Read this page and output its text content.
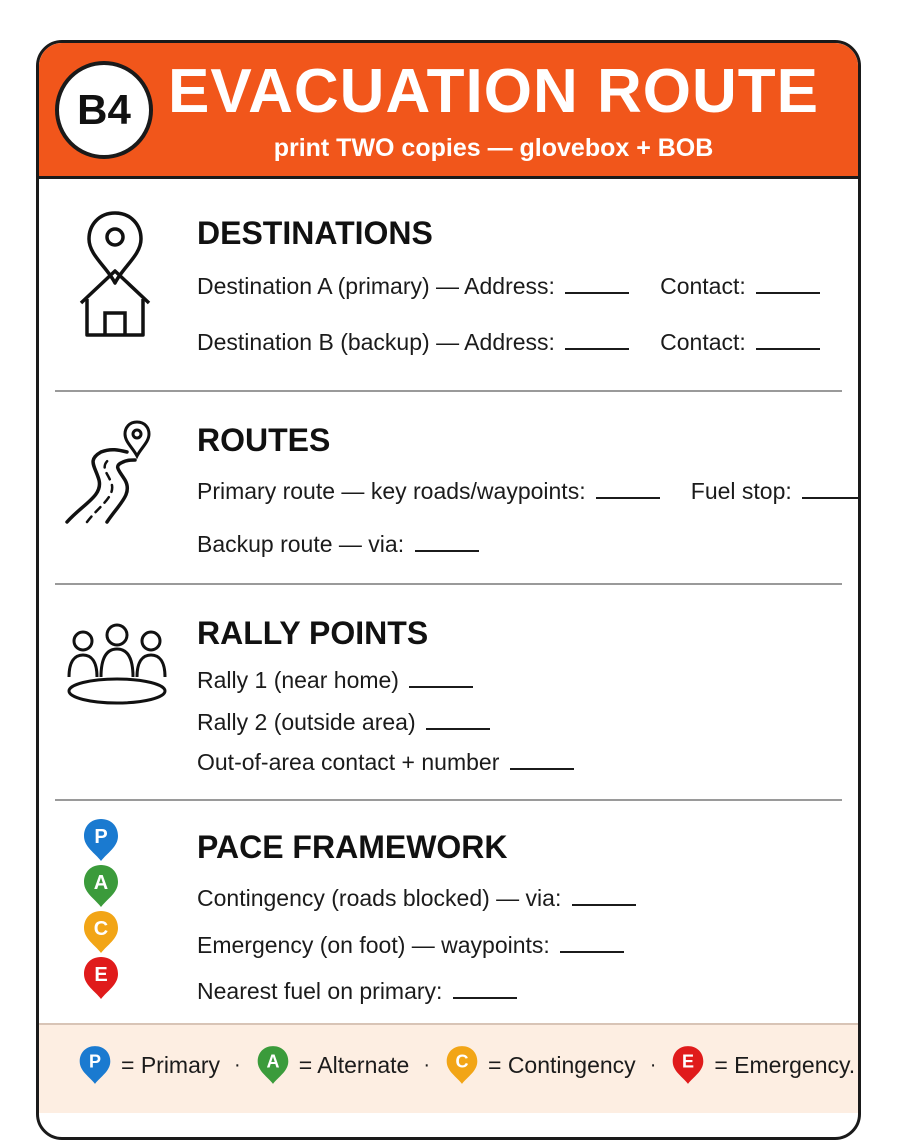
B4 EVACUATION ROUTE
print TWO copies — glovebox + BOB
DESTINATIONS
Destination A (primary) — Address:	Contact:
Destination B (backup) — Address:	Contact:
ROUTES
Primary route — key roads/waypoints:	Fuel stop:
Backup route — via:
RALLY POINTS
Rally 1 (near home)
Rally 2 (outside area)
Out-of-area contact + number
P
A
C
E
PACE FRAMEWORK
Contingency (roads blocked) — via:
Emergency (on foot) — waypoints:
Nearest fuel on primary:
P = Primary · A = Alternate · C = Contingency · E = Emergency.
